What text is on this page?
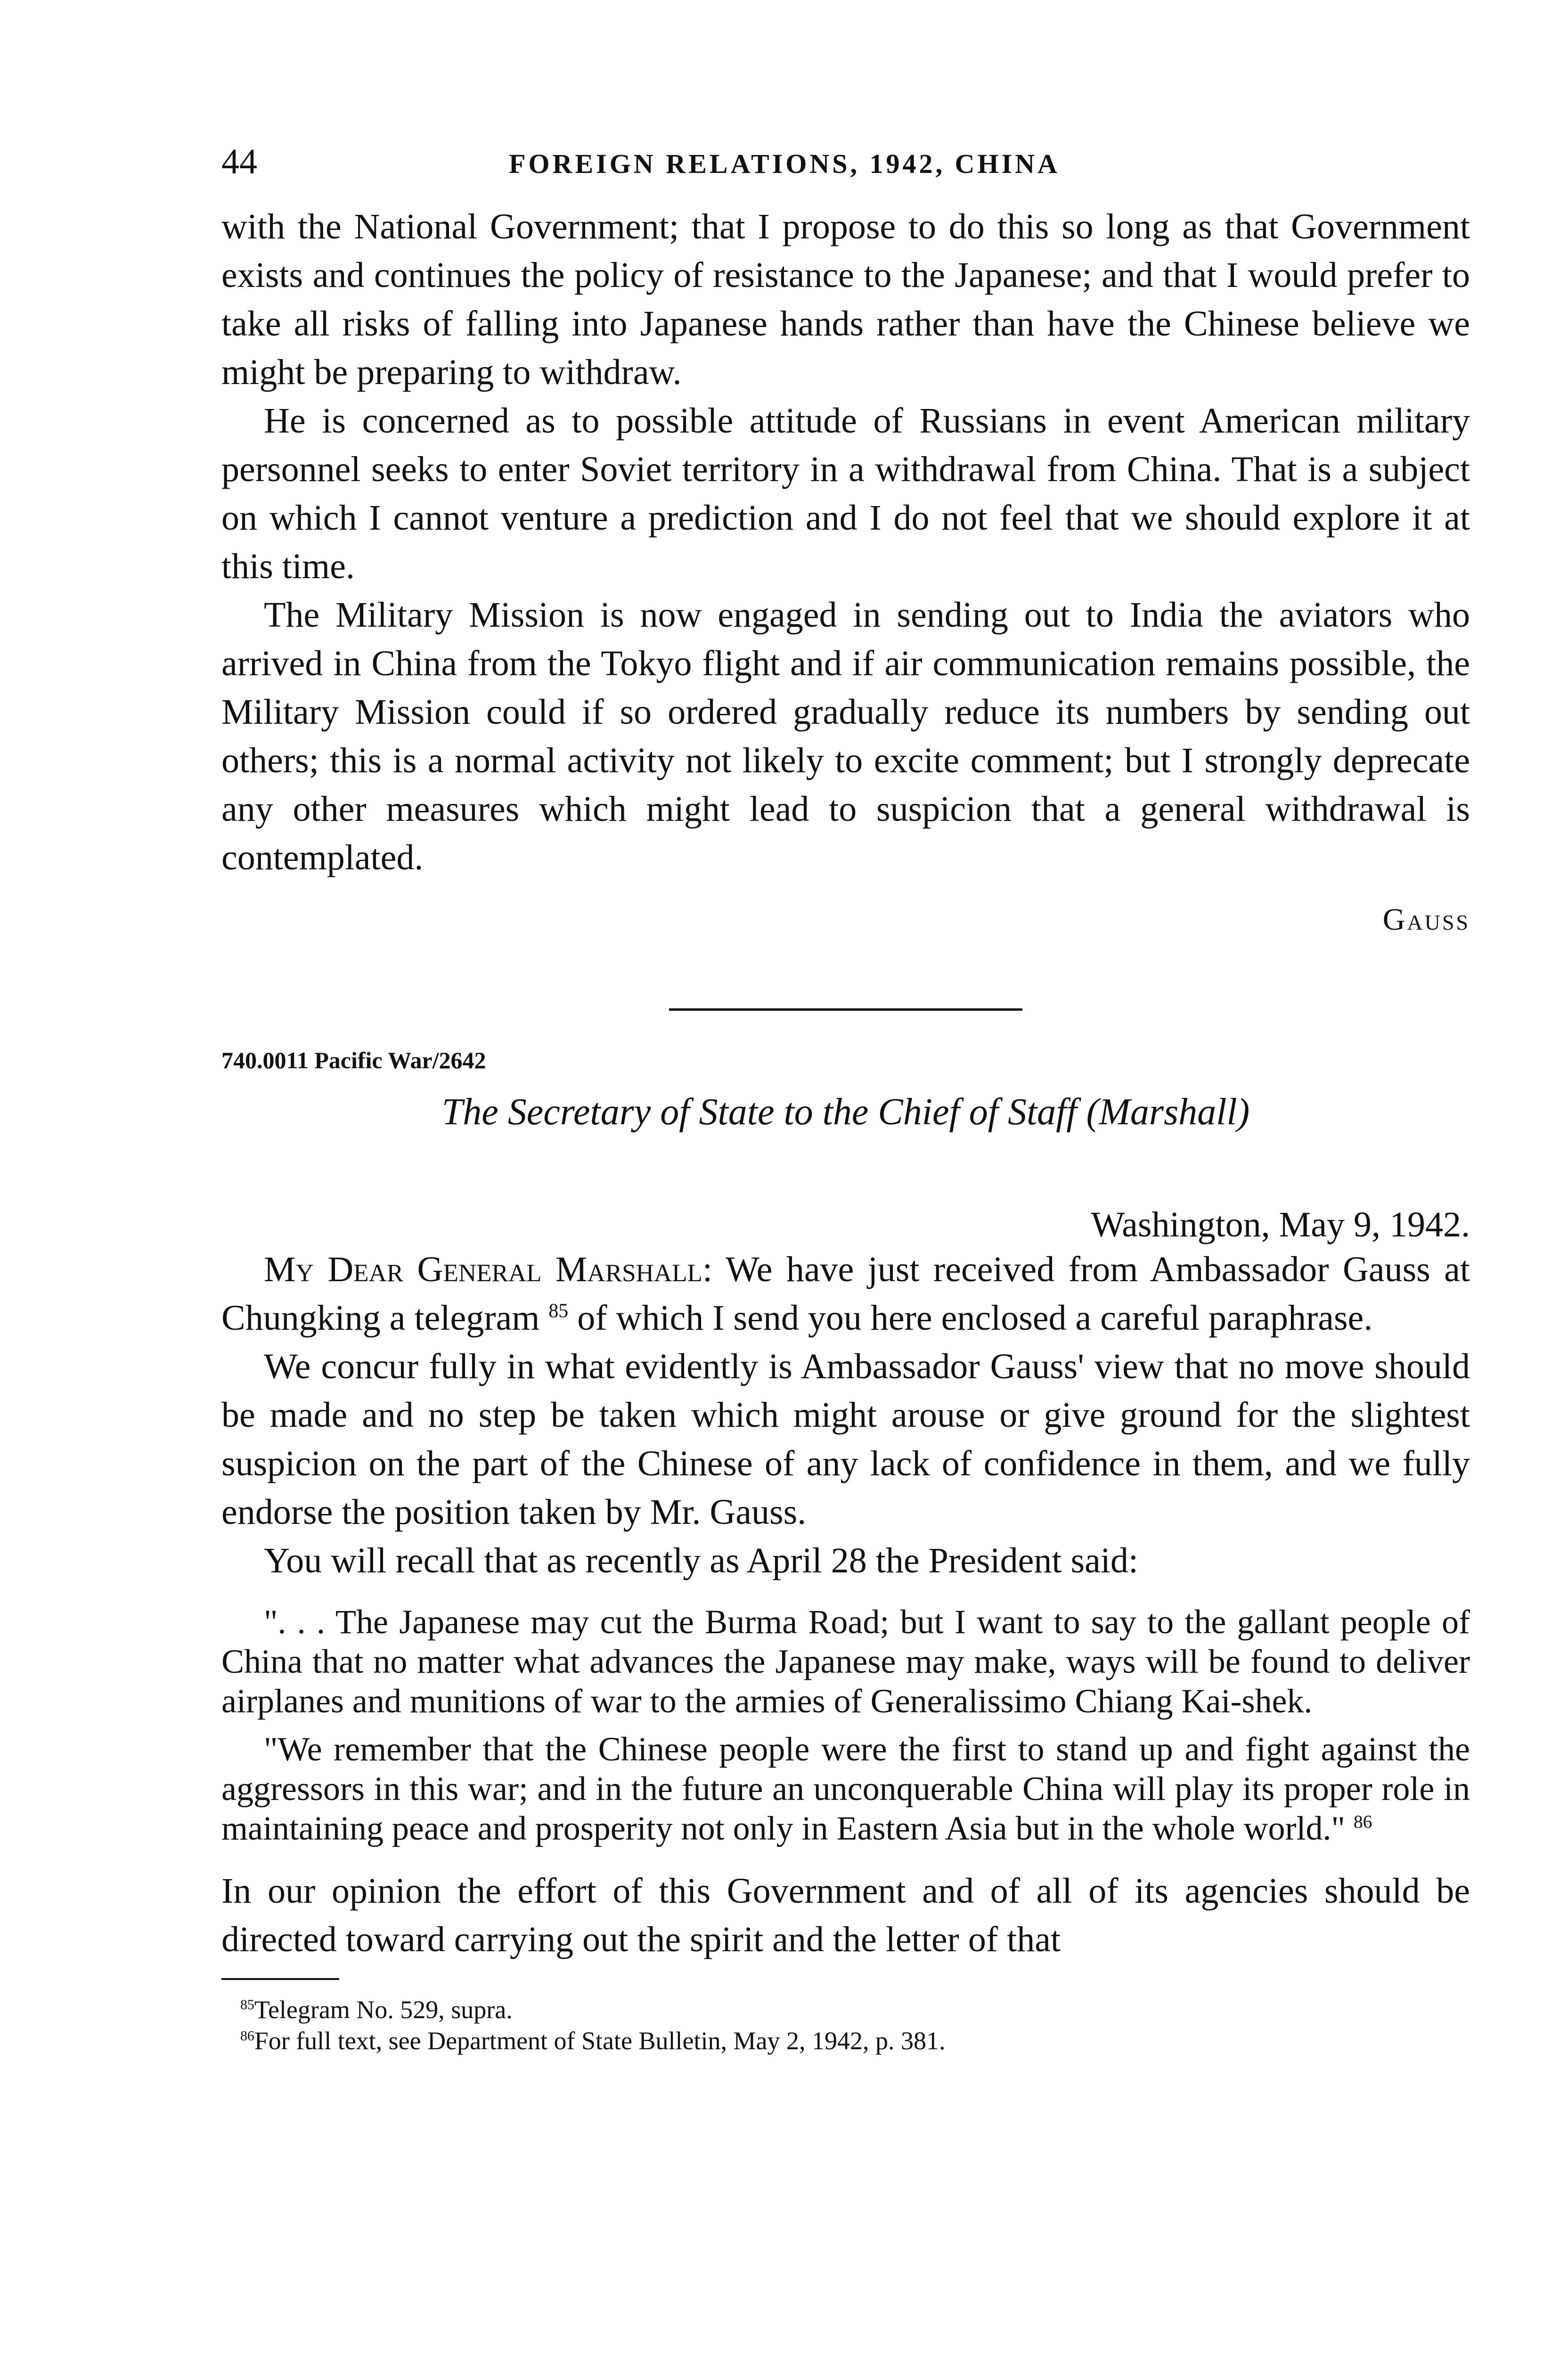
44	FOREIGN RELATIONS, 1942, CHINA

with the National Government; that I propose to do this so long as that Government exists and continues the policy of resistance to the Japanese; and that I would prefer to take all risks of falling into Japanese hands rather than have the Chinese believe we might be preparing to withdraw.

He is concerned as to possible attitude of Russians in event American military personnel seeks to enter Soviet territory in a withdrawal from China. That is a subject on which I cannot venture a prediction and I do not feel that we should explore it at this time.

The Military Mission is now engaged in sending out to India the aviators who arrived in China from the Tokyo flight and if air communication remains possible, the Military Mission could if so ordered gradually reduce its numbers by sending out others; this is a normal activity not likely to excite comment; but I strongly deprecate any other measures which might lead to suspicion that a general withdrawal is contemplated.

Gauss
740.0011 Pacific War/2642
The Secretary of State to the Chief of Staff (Marshall)
Washington, May 9, 1942.

My Dear General Marshall: We have just received from Ambassador Gauss at Chungking a telegram $^{85}$ of which I send you here enclosed a careful paraphrase.

We concur fully in what evidently is Ambassador Gauss' view that no move should be made and no step be taken which might arouse or give ground for the slightest suspicion on the part of the Chinese of any lack of confidence in them, and we fully endorse the position taken by Mr. Gauss.

You will recall that as recently as April 28 the President said:

". . . The Japanese may cut the Burma Road; but I want to say to the gallant people of China that no matter what advances the Japanese may make, ways will be found to deliver airplanes and munitions of war to the armies of Generalissimo Chiang Kai-shek.

"We remember that the Chinese people were the first to stand up and fight against the aggressors in this war; and in the future an unconquerable China will play its proper role in maintaining peace and prosperity not only in Eastern Asia but in the whole world." $^{86}$

In our opinion the effort of this Government and of all of its agencies should be directed toward carrying out the spirit and the letter of that

$^{85}$Telegram No. 529, supra.
$^{86}$For full text, see Department of State Bulletin, May 2, 1942, p. 381.
